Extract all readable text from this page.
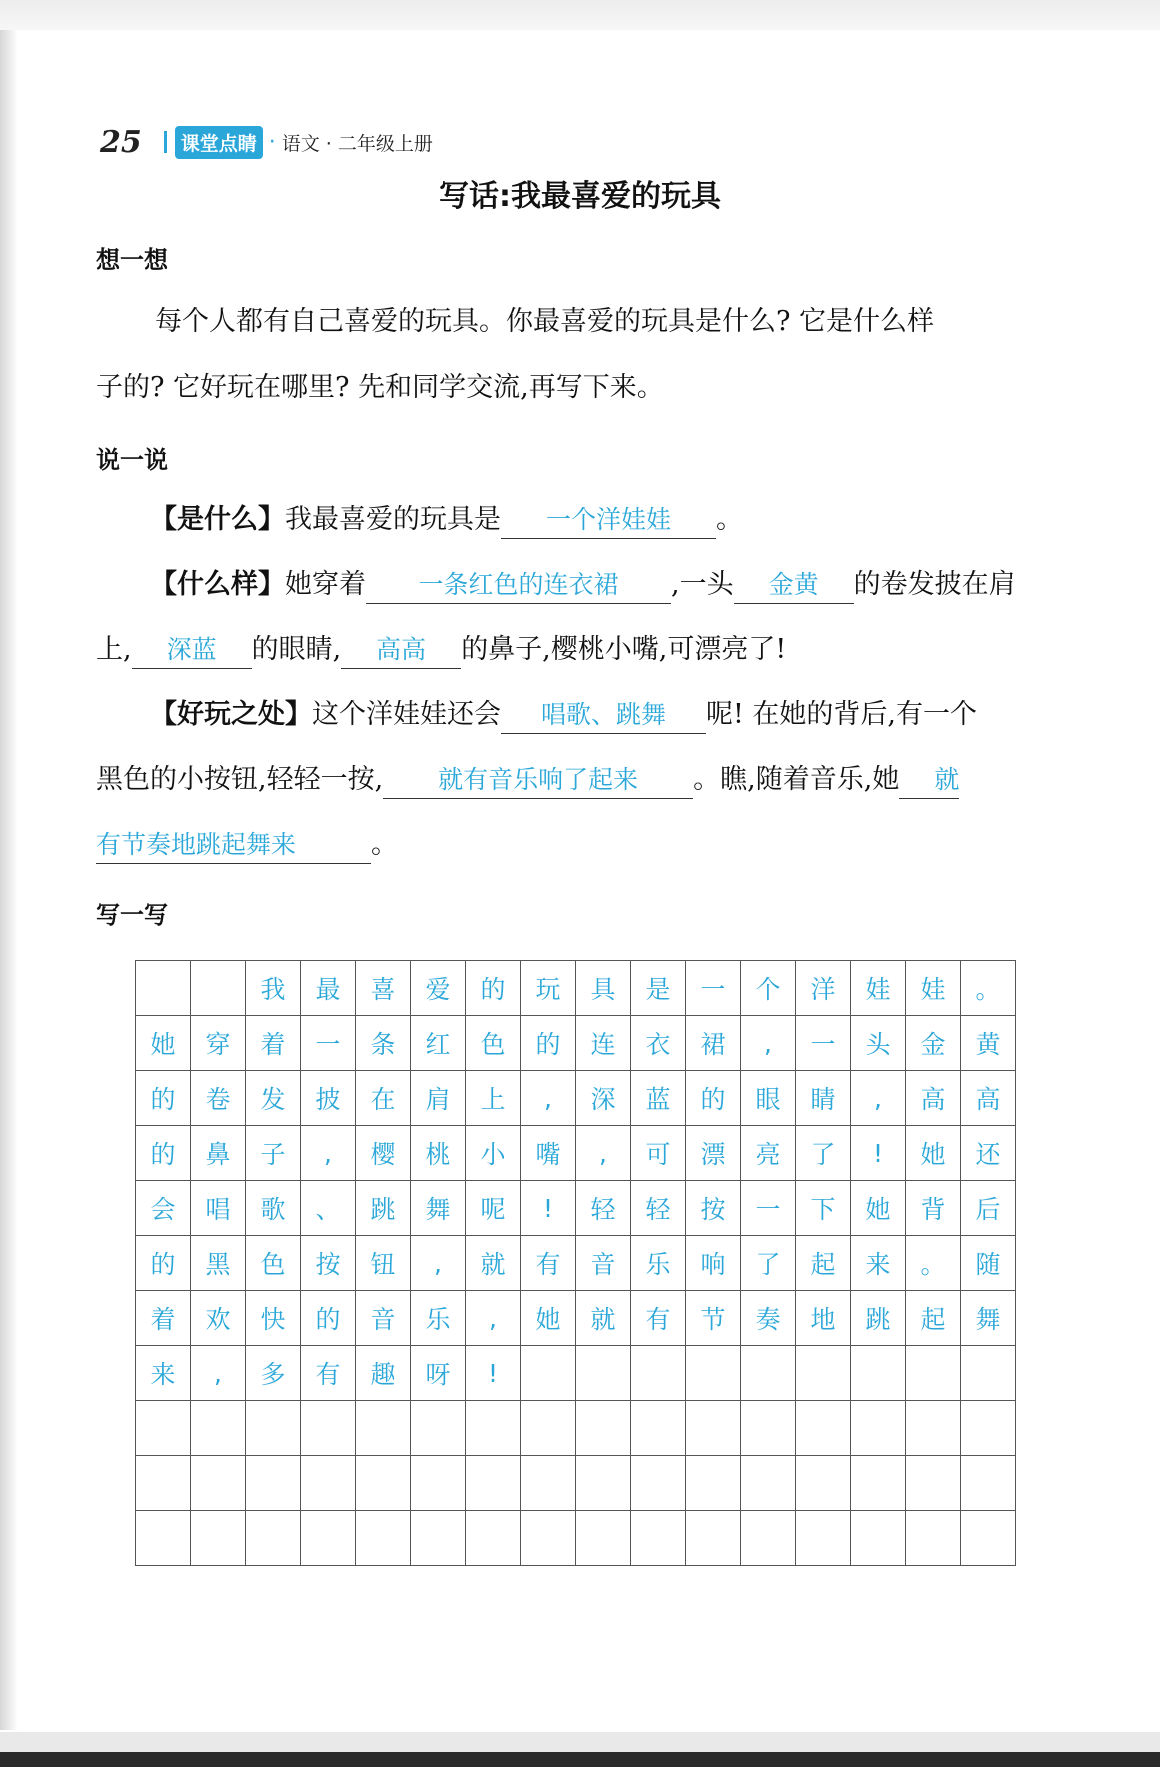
25	课堂点睛 · 语文 · 二年级上册
写话:我最喜爱的玩具
想一想
每个人都有自己喜爱的玩具。你最喜爱的玩具是什么? 它是什么样
子的? 它好玩在哪里? 先和同学交流,再写下来。
说一说
【是什么】我最喜爱的玩具是 一个洋娃娃 。
【什么样】她穿着 一条红色的连衣裙 ,一头 金黄 的卷发披在肩
上, 深蓝 的眼睛, 高高 的鼻子,樱桃小嘴,可漂亮了!
【好玩之处】这个洋娃娃还会 唱歌、跳舞 呢! 在她的背后,有一个
黑色的小按钮,轻轻一按, 就有音乐响了起来 。瞧,随着音乐,她 就
有节奏地跳起舞来	。
写一写
		我	最	喜	爱	的	玩	具	是	一	个	洋	娃	娃	。
她	穿	着	一	条	红	色	的	连	衣	裙	,	一	头	金	黄
的	卷	发	披	在	肩	上	,	深	蓝	的	眼	睛	,	高	高
的	鼻	子	,	樱	桃	小	嘴	,	可	漂	亮	了	!	她	还
会	唱	歌	、	跳	舞	呢	!	轻	轻	按	一	下	她	背	后
的	黑	色	按	钮	,	就	有	音	乐	响	了	起	来	。	随
着	欢	快	的	音	乐	,	她	就	有	节	奏	地	跳	起	舞
来	,	多	有	趣	呀	!									
